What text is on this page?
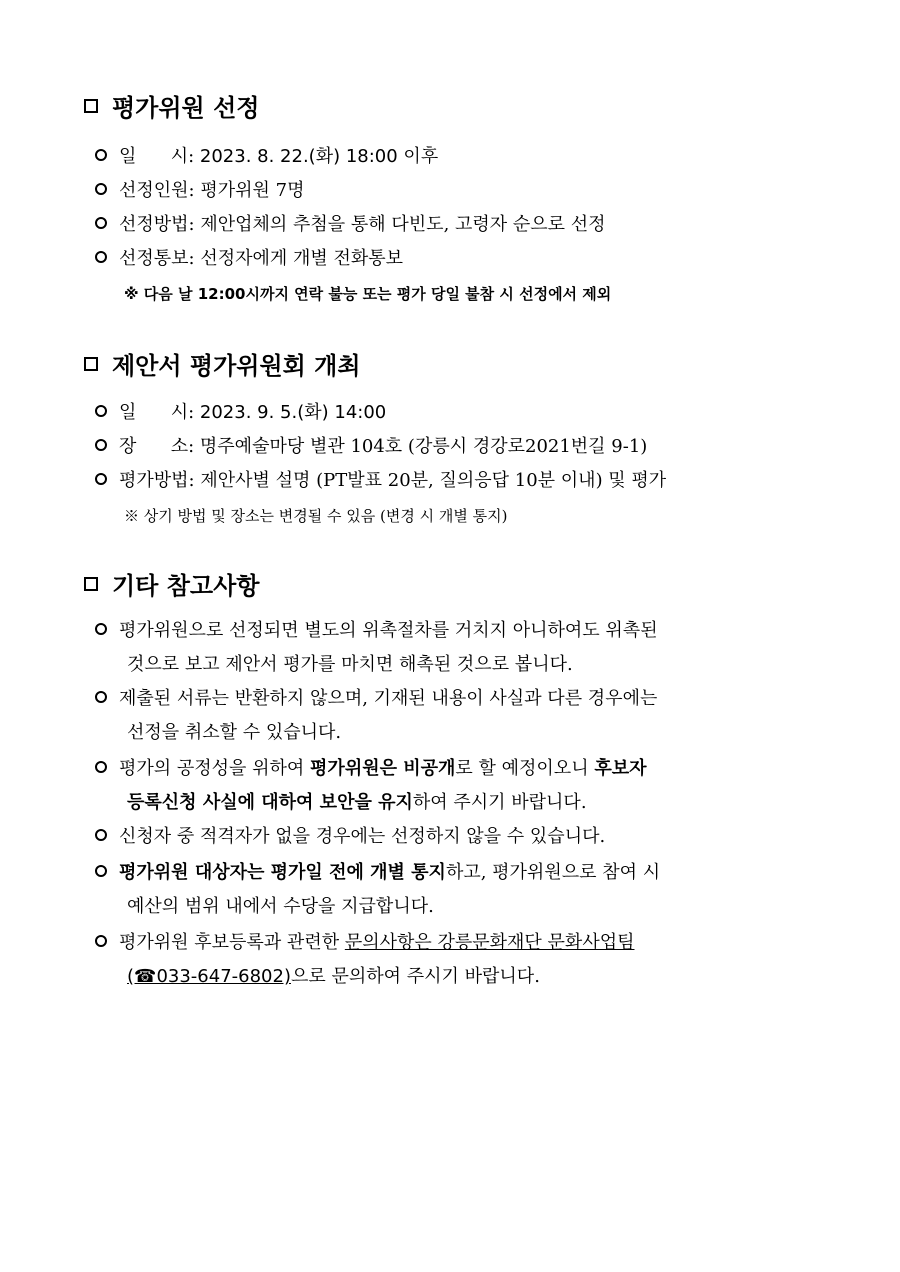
평가위원 선정
일      시: 2023. 8. 22.(화) 18:00 이후
선정인원: 평가위원 7명
선정방법: 제안업체의 추첨을 통해 다빈도, 고령자 순으로 선정
선정통보: 선정자에게 개별 전화통보
※ 다음 날 12:00시까지 연락 불능 또는 평가 당일 불참 시 선정에서 제외
제안서 평가위원회 개최
일      시: 2023. 9. 5.(화) 14:00
장      소: 명주예술마당 별관 104호 (강릉시 경강로2021번길 9-1)
평가방법: 제안사별 설명 (PT발표 20분, 질의응답 10분 이내) 및 평가
※ 상기 방법 및 장소는 변경될 수 있음 (변경 시 개별 통지)
기타 참고사항
평가위원으로 선정되면 별도의 위촉절차를 거치지 아니하여도 위촉된
것으로 보고 제안서 평가를 마치면 해촉된 것으로 봅니다.
제출된 서류는 반환하지 않으며, 기재된 내용이 사실과 다른 경우에는
선정을 취소할 수 있습니다.
평가의 공정성을 위하여 평가위원은 비공개로 할 예정이오니 후보자
등록신청 사실에 대하여 보안을 유지하여 주시기 바랍니다.
신청자 중 적격자가 없을 경우에는 선정하지 않을 수 있습니다.
평가위원 대상자는 평가일 전에 개별 통지하고, 평가위원으로 참여 시
예산의 범위 내에서 수당을 지급합니다.
평가위원 후보등록과 관련한 문의사항은 강릉문화재단 문화사업팀
(☎033-647-6802)으로 문의하여 주시기 바랍니다.
